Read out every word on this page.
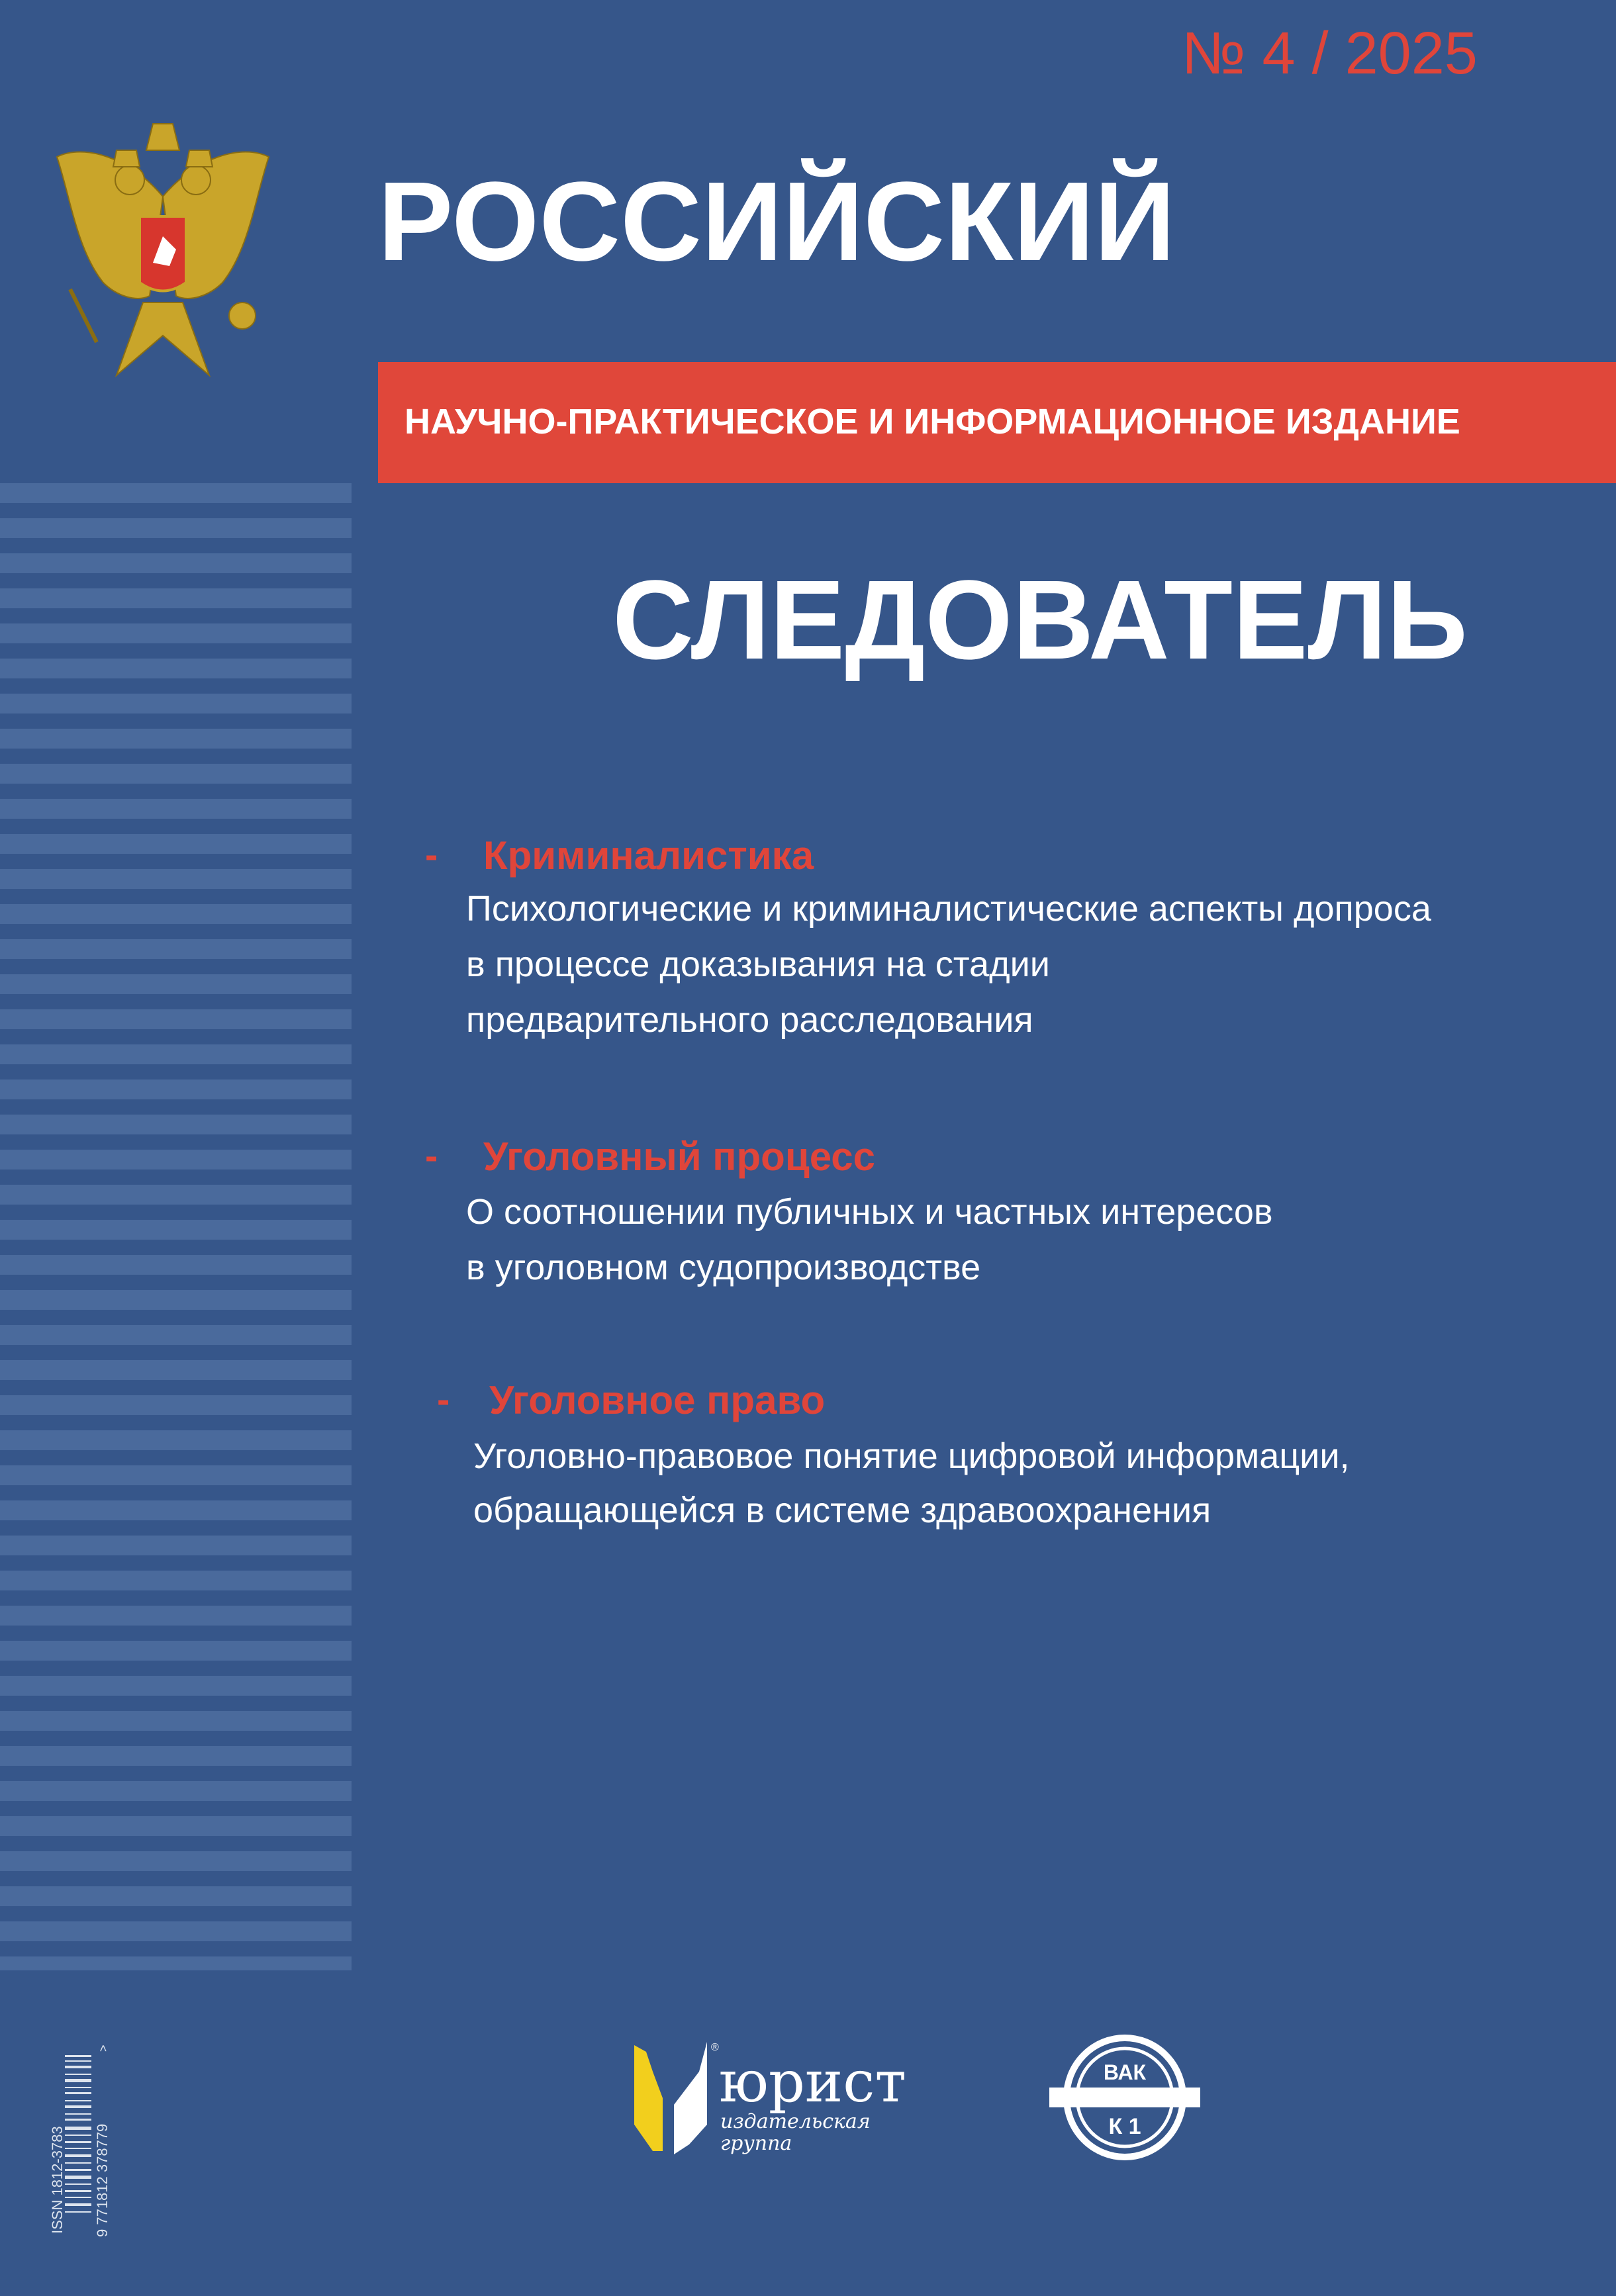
№ 4 / 2025
РОССИЙСКИЙ
НАУЧНО-ПРАКТИЧЕСКОЕ И ИНФОРМАЦИОННОЕ ИЗДАНИЕ
СЛЕДОВАТЕЛЬ
- Криминалистика
Психологические и криминалистические аспекты допроса
в процессе доказывания на стадии
предварительного расследования
- Уголовный процесс
О соотношении публичных и частных интересов
в уголовном судопроизводстве
- Уголовное право
Уголовно-правовое понятие цифровой информации,
обращающейся в системе здравоохранения
ISSN 1812-3783 9 771812 378779
>	®
юрист
издательская
группа
ВАК
К 1
